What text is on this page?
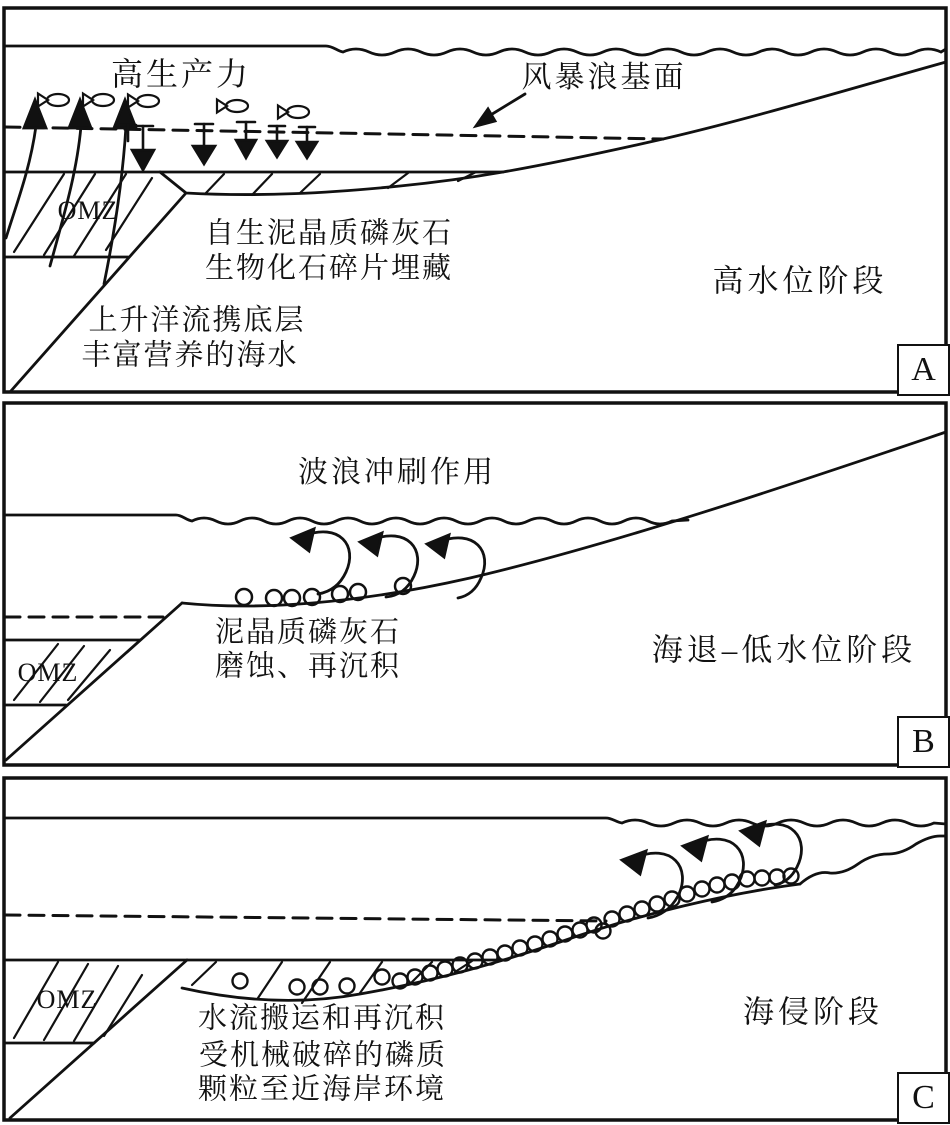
高生产力	风暴浪基面
OMZ
自生泥晶质磷灰石
生物化石碎片埋藏
上升洋流携底层
丰富营养的海水
高水位阶段
A
波浪冲刷作用
OMZ
泥晶质磷灰石
磨蚀、再沉积	海退–低水位阶段
B
OMZ
水流搬运和再沉积
受机械破碎的磷质
颗粒至近海岸环境
海侵阶段
C
